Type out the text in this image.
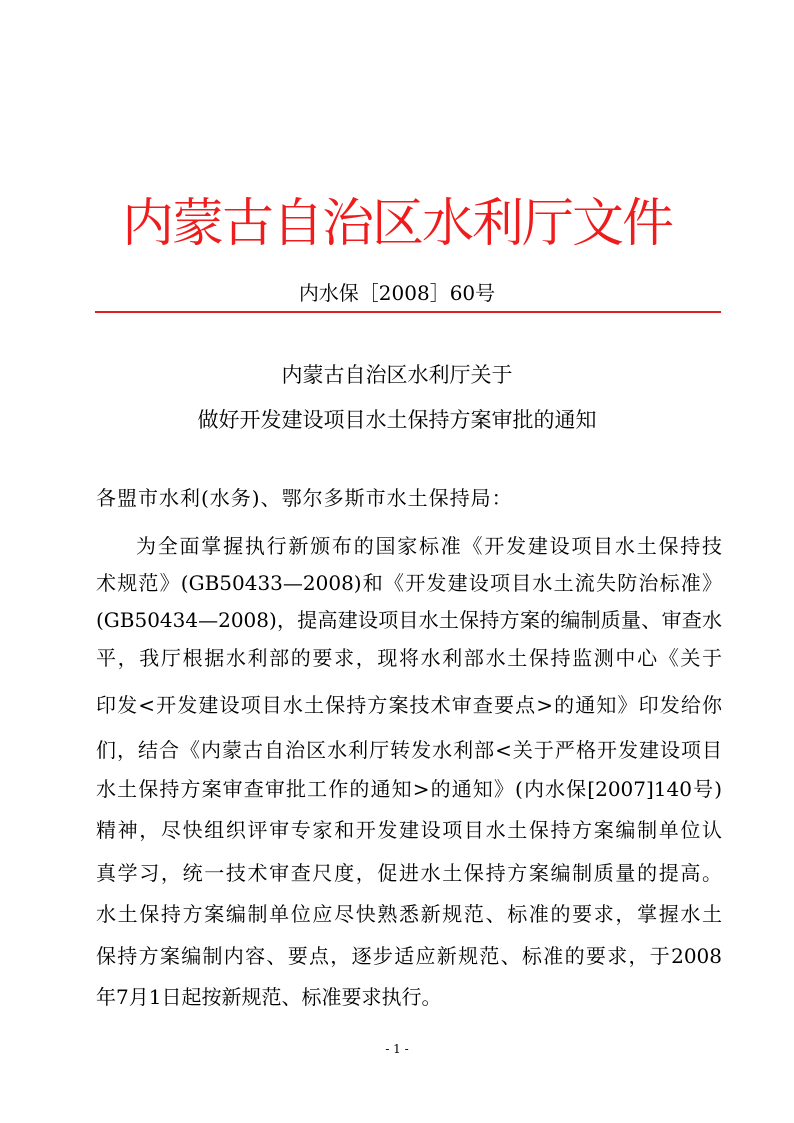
内蒙古自治区水利厅文件
内水保［2008］60号
内蒙古自治区水利厅关于
做好开发建设项目水土保持方案审批的通知
各盟市水利(水务)、鄂尔多斯市水土保持局：
为全面掌握执行新颁布的国家标准《开发建设项目水土保持技
术规范》(GB50433—2008)和《开发建设项目水土流失防治标准》
(GB50434—2008)，提高建设项目水土保持方案的编制质量、审查水
平，我厅根据水利部的要求，现将水利部水土保持监测中心《关于
印发<开发建设项目水土保持方案技术审查要点>的通知》印发给你
们，结合《内蒙古自治区水利厅转发水利部<关于严格开发建设项目
水土保持方案审查审批工作的通知>的通知》(内水保[2007]140号)
精神，尽快组织评审专家和开发建设项目水土保持方案编制单位认
真学习，统一技术审查尺度，促进水土保持方案编制质量的提高。
水土保持方案编制单位应尽快熟悉新规范、标准的要求，掌握水土
保持方案编制内容、要点，逐步适应新规范、标准的要求，于2008
年7月1日起按新规范、标准要求执行。
- 1 -
